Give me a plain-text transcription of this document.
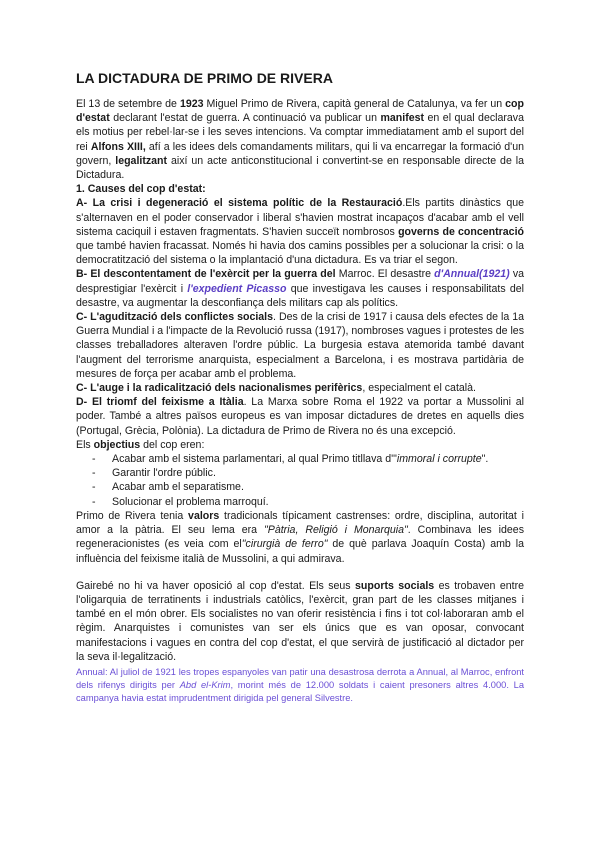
LA DICTADURA DE PRIMO DE RIVERA

El 13 de setembre de 1923 Miguel Primo de Rivera, capità general de Catalunya, va fer un cop d'estat declarant l'estat de guerra. A continuació va publicar un manifest en el qual declarava els motius per rebel·lar-se i les seves intencions. Va comptar immediatament amb el suport del rei Alfons XIII, afí a les idees dels comandaments militars, qui li va encarregar la formació d'un govern, legalitzant així un acte anticonstitucional i convertint-se en responsable directe de la Dictadura.

1. Causes del cop d'estat:

A- La crisi i degeneració el sistema polític de la Restauració.Els partits dinàstics que s'alternaven en el poder conservador i liberal s'havien mostrat incapaços d'acabar amb el vell sistema caciquil i estaven fragmentats. S'havien succeït nombrosos governs de concentració que també havien fracassat. Només hi havia dos camins possibles per a solucionar la crisi: o la democratització del sistema o la implantació d'una dictadura. Es va triar el segon.

B- El descontentament de l'exèrcit per la guerra del Marroc. El desastre d'Annual(1921) va desprestigiar l'exèrcit i l'expedient Picasso que investigava les causes i responsabilitats del desastre, va augmentar la desconfiança dels militars cap als polítics.

C- L'agudització dels conflictes socials. Des de la crisi de 1917 i causa dels efectes de la 1a Guerra Mundial i a l'impacte de la Revolució russa (1917), nombroses vagues i protestes de les classes treballadores alteraven l'ordre públic. La burgesia estava atemorida també davant l'augment del terrorisme anarquista, especialment a Barcelona, i es mostrava partidària de mesures de força per acabar amb el problema.

C- L'auge i la radicalització dels nacionalismes perifèrics, especialment el català.

D- El triomf del feixisme a Itàlia. La Marxa sobre Roma el 1922 va portar a Mussolini al poder. També a altres països europeus es van imposar dictadures de dretes en aquells dies (Portugal, Grècia, Polònia). La dictadura de Primo de Rivera no és una excepció.

Els objectius del cop eren:

- Acabar amb el sistema parlamentari, al qual Primo titllava d'"immoral i corrupte".
- Garantir l'ordre públic.
- Acabar amb el separatisme.
- Solucionar el problema marroquí.

Primo de Rivera tenia valors tradicionals típicament castrenses: ordre, disciplina, autoritat i amor a la pàtria. El seu lema era "Pàtria, Religió i Monarquia". Combinava les idees regeneracionistes (es veia com el"cirurgià de ferro" de què parlava Joaquín Costa) amb la influència del feixisme italià de Mussolini, a qui admirava.

Gairebé no hi va haver oposició al cop d'estat. Els seus suports socials es trobaven entre l'oligarquia de terratinents i industrials catòlics, l'exèrcit, gran part de les classes mitjanes i també en el món obrer. Els socialistes no van oferir resistència i fins i tot col·laboraran amb el règim. Anarquistes i comunistes van ser els únics que es van oposar, convocant manifestacions i vagues en contra del cop d'estat, el que servirà de justificació al dictador per la seva il·legalització.

Annual: Al juliol de 1921 les tropes espanyoles van patir una desastrosa derrota a Annual, al Marroc, enfront dels rifenys dirigits per Abd el-Krim, morint més de 12.000 soldats i caient presoners altres 4.000. La campanya havia estat imprudentment dirigida pel general Silvestre.
